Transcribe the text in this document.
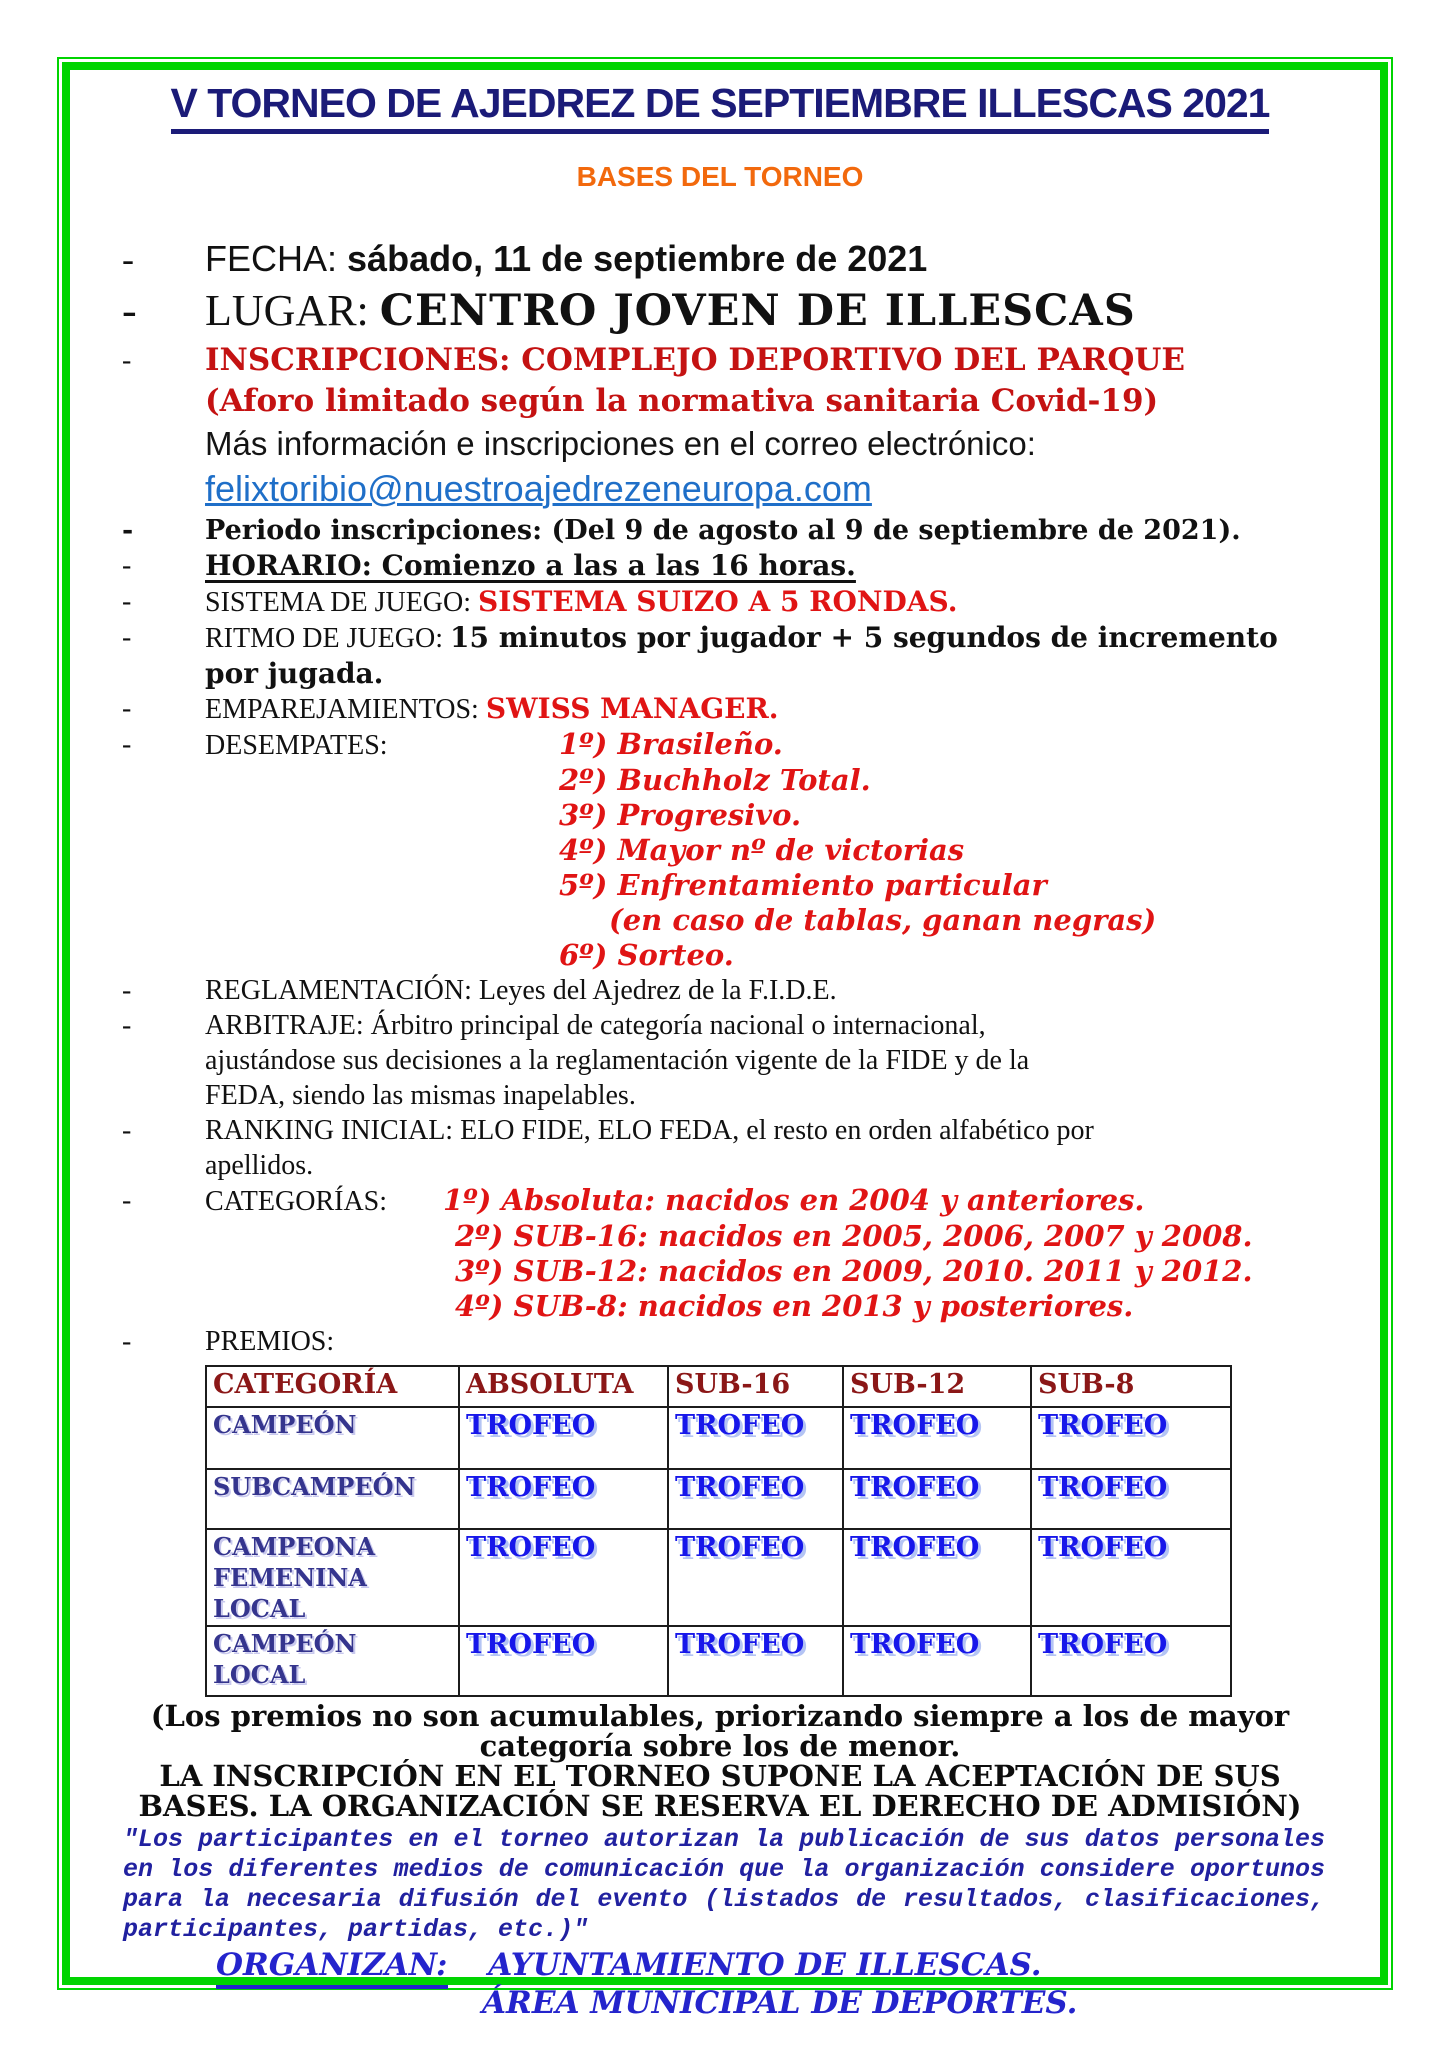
V TORNEO DE AJEDREZ DE SEPTIEMBRE ILLESCAS 2021
BASES DEL TORNEO
-	FECHA: sábado, 11 de septiembre de 2021
-	LUGAR: CENTRO JOVEN DE ILLESCAS
-	INSCRIPCIONES: COMPLEJO DEPORTIVO DEL PARQUE
(Aforo limitado según la normativa sanitaria Covid-19)
Más información e inscripciones en el correo electrónico:
felixtoribio@nuestroajedrezeneuropa.com
-	Periodo inscripciones: (Del 9 de agosto al 9 de septiembre de 2021).
-	HORARIO: Comienzo a las a las 16 horas.
-	SISTEMA DE JUEGO: SISTEMA SUIZO A 5 RONDAS.
-	RITMO DE JUEGO: 15 minutos por jugador + 5 segundos de incremento
por jugada.
-	EMPAREJAMIENTOS: SWISS MANAGER.
-	DESEMPATES:	1º) Brasileño.
2º) Buchholz Total.
3º) Progresivo.
4º) Mayor nº de victorias
5º) Enfrentamiento particular
(en caso de tablas, ganan negras)
6º) Sorteo.
-	REGLAMENTACIÓN: Leyes del Ajedrez de la F.I.D.E.
-	ARBITRAJE: Árbitro principal de categoría nacional o internacional,
ajustándose sus decisiones a la reglamentación vigente de la FIDE y de la
FEDA, siendo las mismas inapelables.
-	RANKING INICIAL: ELO FIDE, ELO FEDA, el resto en orden alfabético por
apellidos.
-	CATEGORÍAS: 1º) Absoluta: nacidos en 2004 y anteriores.
2º) SUB-16: nacidos en 2005, 2006, 2007 y 2008.
3º) SUB-12: nacidos en 2009, 2010. 2011 y 2012.
4º) SUB-8: nacidos en 2013 y posteriores.
-	PREMIOS:
CATEGORÍA	ABSOLUTA	SUB-16	SUB-12	SUB-8
CAMPEÓN	TROFEO	TROFEO	TROFEO	TROFEO
SUBCAMPEÓN	TROFEO	TROFEO	TROFEO	TROFEO
CAMPEONA FEMENINA LOCAL	TROFEO	TROFEO	TROFEO	TROFEO
CAMPEÓN LOCAL	TROFEO	TROFEO	TROFEO	TROFEO
(Los premios no son acumulables, priorizando siempre a los de mayor
categoría sobre los de menor.
LA INSCRIPCIÓN EN EL TORNEO SUPONE LA ACEPTACIÓN DE SUS
BASES. LA ORGANIZACIÓN SE RESERVA EL DERECHO DE ADMISIÓN)
"Los participantes en el torneo autorizan la publicación de sus datos personales en los diferentes medios de comunicación que la organización considere oportunos para la necesaria difusión del evento (listados de resultados, clasificaciones, participantes, partidas, etc.)"
ORGANIZAN: AYUNTAMIENTO DE ILLESCAS.
ÁREA MUNICIPAL DE DEPORTES.
